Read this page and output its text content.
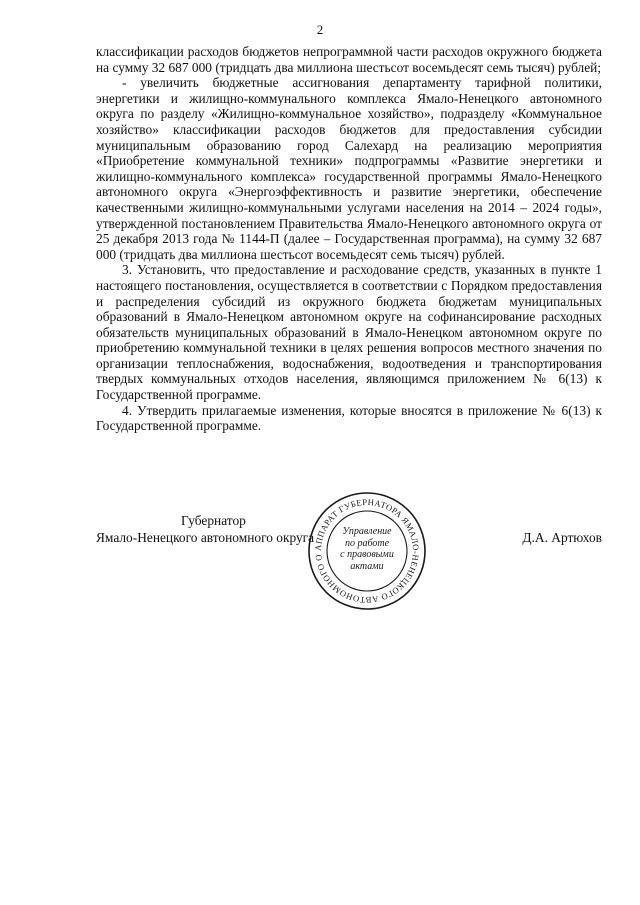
2

классификации расходов бюджетов непрограммной части расходов окружного бюджета на сумму 32 687 000 (тридцать два миллиона шестьсот восемьдесят семь тысяч) рублей;

- увеличить бюджетные ассигнования департаменту тарифной политики, энергетики и жилищно-коммунального комплекса Ямало-Ненецкого автономного округа по разделу «Жилищно-коммунальное хозяйство», подразделу «Коммунальное хозяйство» классификации расходов бюджетов для предоставления субсидии муниципальным образованию город Салехард на реализацию мероприятия «Приобретение коммунальной техники» подпрограммы «Развитие энергетики и жилищно-коммунального комплекса» государственной программы Ямало-Ненецкого автономного округа «Энергоэффективность и развитие энергетики, обеспечение качественными жилищно-коммунальными услугами населения на 2014 – 2024 годы», утвержденной постановлением Правительства Ямало-Ненецкого автономного округа от 25 декабря 2013 года № 1144-П (далее – Государственная программа), на сумму 32 687 000 (тридцать два миллиона шестьсот восемьдесят семь тысяч) рублей.

3. Установить, что предоставление и расходование средств, указанных в пункте 1 настоящего постановления, осуществляется в соответствии с Порядком предоставления и распределения субсидий из окружного бюджета бюджетам муниципальных образований в Ямало-Ненецком автономном округе на софинансирование расходных обязательств муниципальных образований в Ямало-Ненецком автономном округе по приобретению коммунальной техники в целях решения вопросов местного значения по организации теплоснабжения, водоснабжения, водоотведения и транспортирования твердых коммунальных отходов населения, являющимся приложением № 6(13) к Государственной программе.

4. Утвердить прилагаемые изменения, которые вносятся в приложение № 6(13) к Государственной программе.

Губернатор
Ямало-Ненецкого автономного округа	Д.А. Артюхов
АППАРАТ ГУБЕРНАТОРА ЯМАЛО-НЕНЕЦКОГО АВТОНОМНОГО О
Управление
по работе
с правовыми
актами
